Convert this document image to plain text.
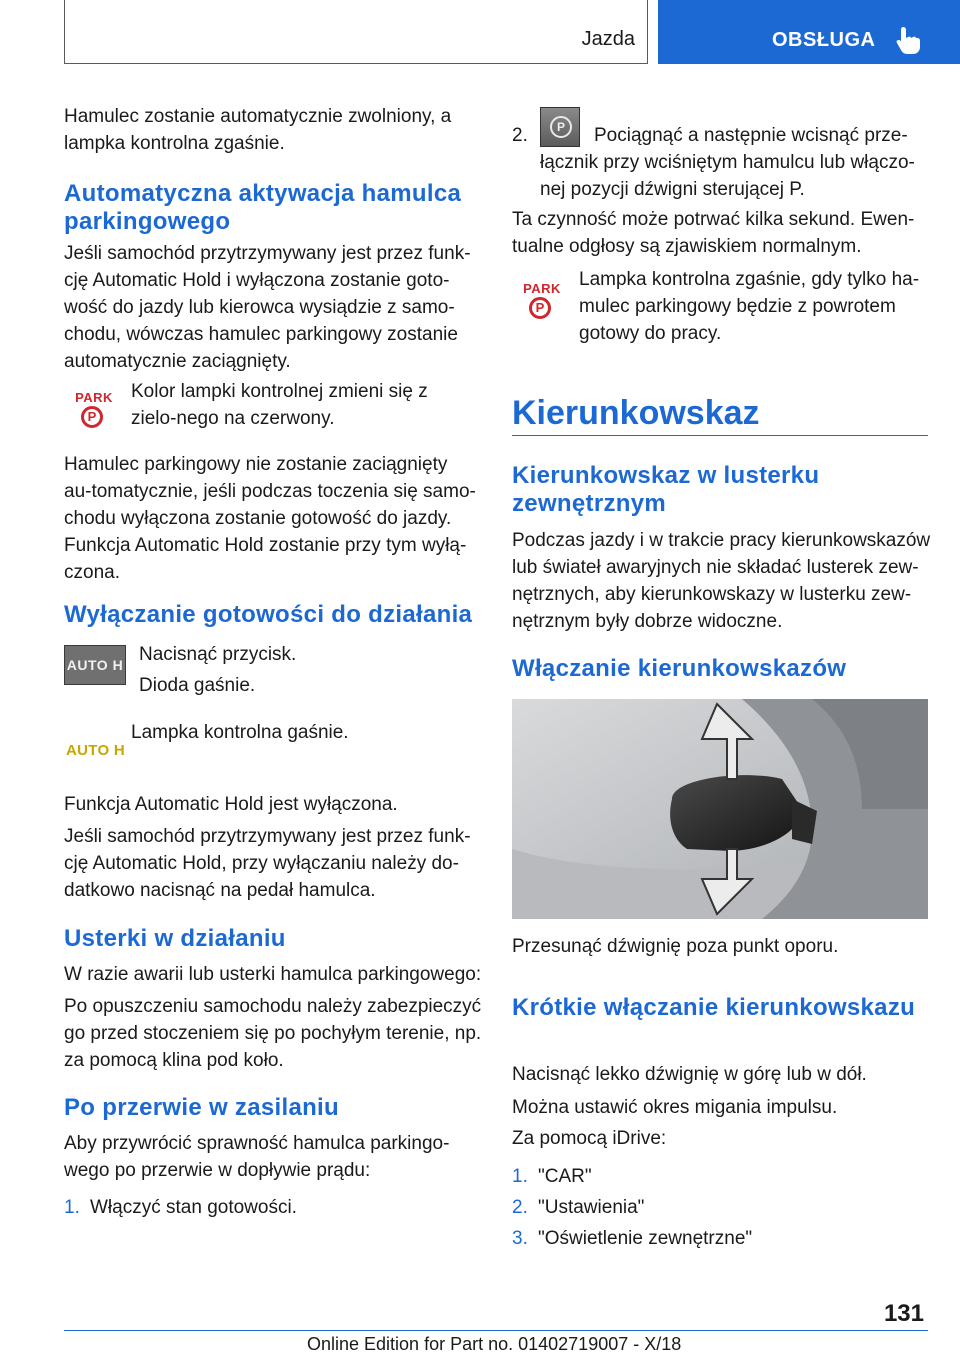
Jazda	OBSŁUGA

Hamulec zostanie automatycznie zwolniony, a lampka kontrolna zgaśnie.

Automatyczna aktywacja hamulca parkingowego

Jeśli samochód przytrzymywany jest przez funk-cję Automatic Hold i wyłączona zostanie goto-wość do jazdy lub kierowca wysiądzie z samo-chodu, wówczas hamulec parkingowy zostanie automatycznie zaciągnięty.

PARK
P Kolor lampki kontrolnej zmieni się z zielo-nego na czerwony.

Hamulec parkingowy nie zostanie zaciągnięty au-tomatycznie, jeśli podczas toczenia się samo-chodu wyłączona zostanie gotowość do jazdy. Funkcja Automatic Hold zostanie przy tym wyłą-czona.

Wyłączanie gotowości do działania
AUTO H Nacisnąć przycisk.

Dioda gaśnie.

AUTO H

Lampka kontrolna gaśnie.

Funkcja Automatic Hold jest wyłączona.

Jeśli samochód przytrzymywany jest przez funk-cję Automatic Hold, przy wyłączaniu należy do-datkowo nacisnąć na pedał hamulca.

Usterki w działaniu

W razie awarii lub usterki hamulca parkingowego:

Po opuszczeniu samochodu należy zabezpieczyć go przed stoczeniem się po pochyłym terenie, np. za pomocą klina pod koło.

Po przerwie w zasilaniu

Aby przywrócić sprawność hamulca parkingo-wego po przerwie w dopływie prądu:

1. Włączyć stan gotowości.

2.	P	Pociągnąć a następnie wcisnąć prze-łącznik przy wciśniętym hamulcu lub włączo-nej pozycji dźwigni sterującej P.

Ta czynność może potrwać kilka sekund. Ewen-tualne odgłosy są zjawiskiem normalnym.

PARK
P Lampka kontrolna zgaśnie, gdy tylko ha-mulec parkingowy będzie z powrotem gotowy do pracy.

Kierunkowskaz
Kierunkowskaz w lusterku zewnętrznym

Podczas jazdy i w trakcie pracy kierunkowskazów lub świateł awaryjnych nie składać lusterek zew-nętrznych, aby kierunkowskazy w lusterku zew-nętrznym były dobrze widoczne.

Włączanie kierunkowskazów

Przesunąć dźwignię poza punkt oporu.

Krótkie włączanie kierunkowskazu

Nacisnąć lekko dźwignię w górę lub w dół.

Można ustawić okres migania impulsu.

Za pomocą iDrive:

1. "CAR"

2. "Ustawienia"

3. "Oświetlenie zewnętrzne"

131
Online Edition for Part no. 01402719007 - X/18
